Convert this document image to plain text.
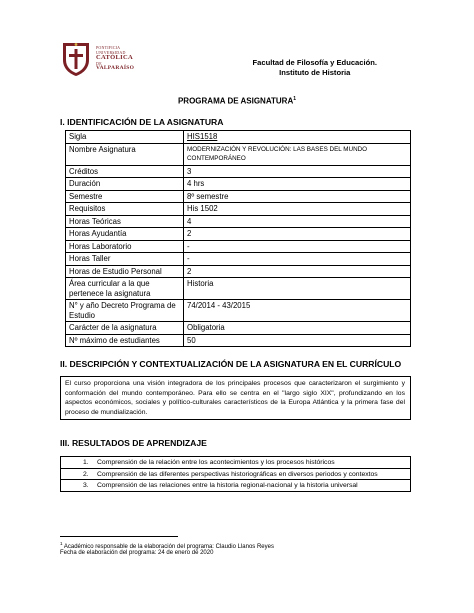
PONTIFICIA
UNIVERSIDAD
CATÓLICA
DE
VALPARAÍSO
Facultad de Filosofía y Educación.
Instituto de Historia
PROGRAMA DE ASIGNATURA$^1$
I. IDENTIFICACIÓN DE LA ASIGNATURA
Sigla	HIS1518
Nombre Asignatura	MODERNIZACIÓN Y REVOLUCIÓN: LAS BASES DEL MUNDO CONTEMPORÁNEO
Créditos	3
Duración	4 hrs
Semestre	8º semestre
Requisitos	His 1502
Horas Teóricas	4
Horas Ayudantía	2
Horas Laboratorio	-
Horas Taller	-
Horas de Estudio Personal	2
Área curricular a la que pertenece la asignatura	Historia
N° y año Decreto Programa de Estudio	74/2014 - 43/2015
Carácter de la asignatura	Obligatoria
Nº máximo de estudiantes	50
II. DESCRIPCIÓN Y CONTEXTUALIZACIÓN DE LA ASIGNATURA EN EL CURRÍCULO
El curso proporciona una visión integradora de los principales procesos que caracterizaron el surgimiento y conformación del mundo contemporáneo. Para ello se centra en el "largo siglo XIX", profundizando en los aspectos económicos, sociales y político-culturales característicos de la Europa Atlántica y la primera fase del proceso de mundialización.
III. RESULTADOS DE APRENDIZAJE
1.	Comprensión de la relación entre los acontecimientos y los procesos históricos
2.	Comprensión de las diferentes perspectivas historiográficas en diversos periodos y contextos
3.	Comprensión de las relaciones entre la historia regional-nacional y la historia universal
$^1$ Académico responsable de la elaboración del programa: Claudio Llanos Reyes
Fecha de elaboración del programa: 24 de enero de 2020
